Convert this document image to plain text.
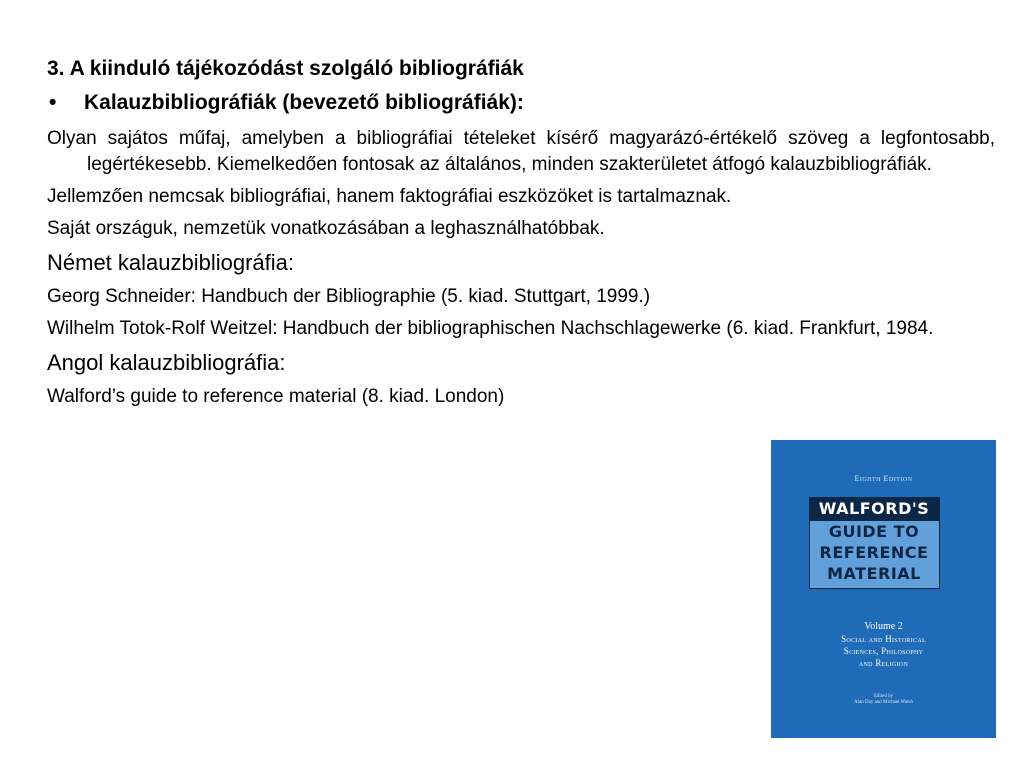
3. A kiinduló tájékozódást szolgáló bibliográfiák

•	Kalauzbibliográfiák (bevezető bibliográfiák):

Olyan sajátos műfaj, amelyben a bibliográfiai tételeket kísérő magyarázó-értékelő szöveg a legfontosabb, legértékesebb. Kiemelkedően fontosak az általános, minden szakterületet átfogó kalauzbibliográfiák.

Jellemzően nemcsak bibliográfiai, hanem faktográfiai eszközöket is tartalmaznak.

Saját országuk, nemzetük vonatkozásában a leghasználhatóbbak.

Német kalauzbibliográfia:

Georg Schneider: Handbuch der Bibliographie (5. kiad. Stuttgart, 1999.)

Wilhelm Totok-Rolf Weitzel: Handbuch der bibliographischen Nachschlagewerke (6. kiad. Frankfurt, 1984.

Angol kalauzbibliográfia:

Walford’s guide to reference material (8. kiad. London)

Eighth Edition
WALFORD'S
GUIDE TO
REFERENCE
MATERIAL
Volume 2
Social and Historical
Sciences, Philosophy
and Religion
Edited by
Alan Day and Michael Walsh
